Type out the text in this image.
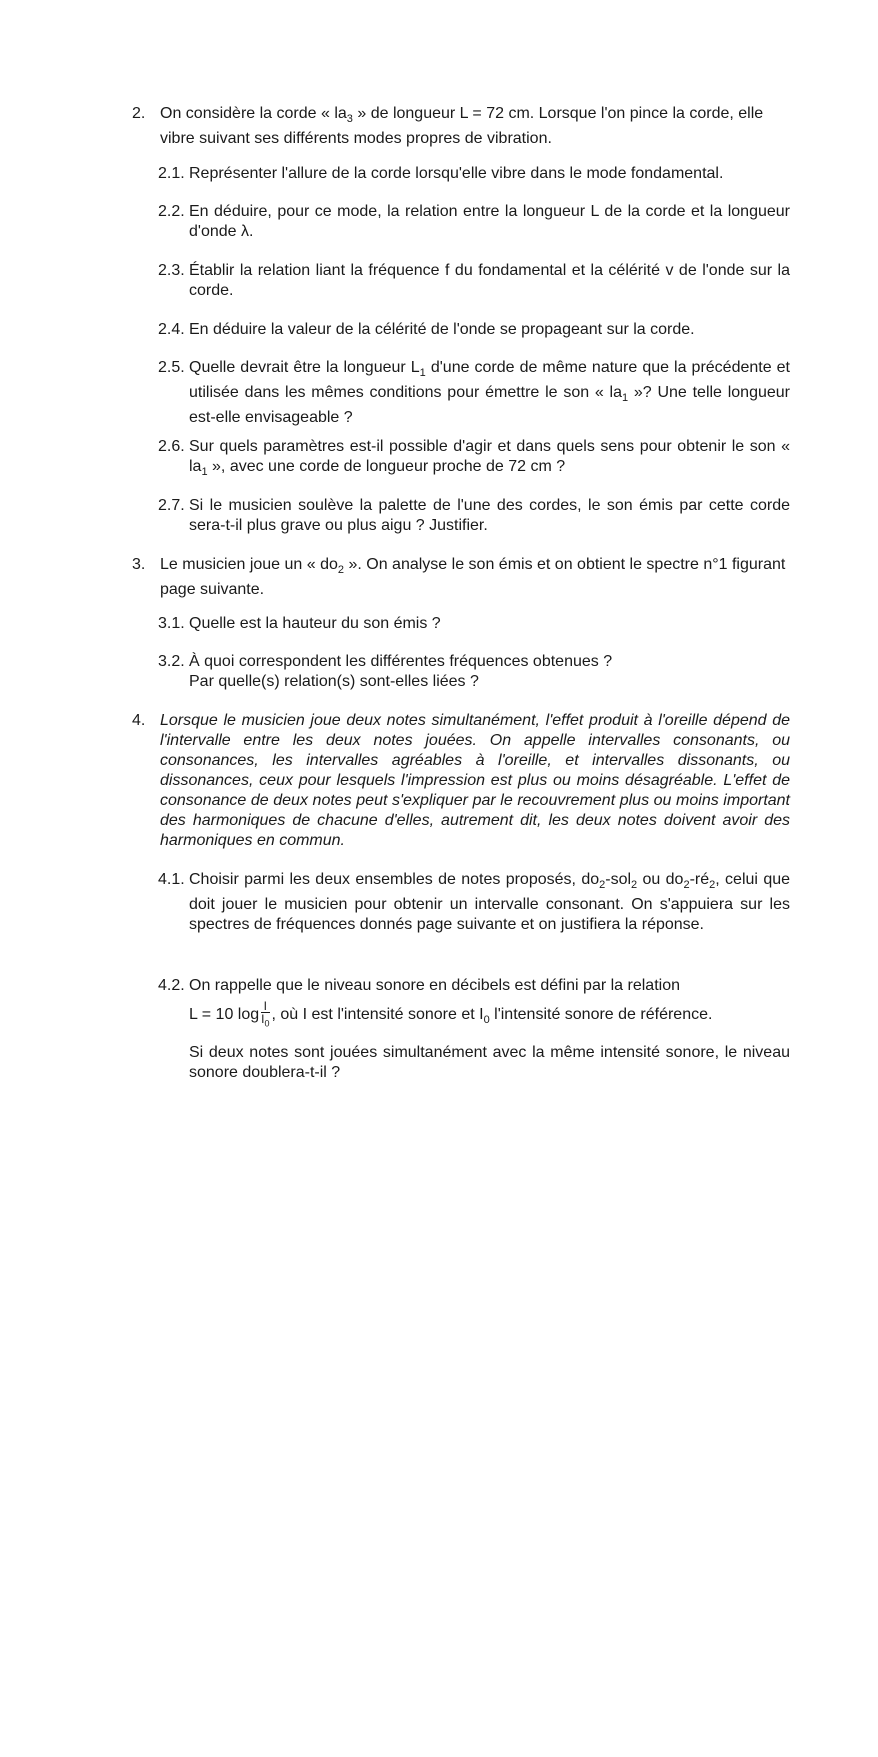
2. On considère la corde « $la_3$ » de longueur L = 72 cm. Lorsque l'on pince la corde, elle vibre suivant ses différents modes propres de vibration.
2.1. Représenter l'allure de la corde lorsqu'elle vibre dans le mode fondamental.
2.2. En déduire, pour ce mode, la relation entre la longueur L de la corde et la longueur d'onde λ.
2.3. Établir la relation liant la fréquence f du fondamental et la célérité v de l'onde sur la corde.
2.4. En déduire la valeur de la célérité de l'onde se propageant sur la corde.
2.5. Quelle devrait être la longueur $L_1$ d'une corde de même nature que la précédente et utilisée dans les mêmes conditions pour émettre le son « $la_1$ »? Une telle longueur est-elle envisageable ?
2.6. Sur quels paramètres est-il possible d'agir et dans quels sens pour obtenir le son « $la_1$ », avec une corde de longueur proche de 72 cm ?
2.7. Si le musicien soulève la palette de l'une des cordes, le son émis par cette corde sera-t-il plus grave ou plus aigu ? Justifier.
3. Le musicien joue un « $do_2$ ». On analyse le son émis et on obtient le spectre n°1 figurant page suivante.
3.1. Quelle est la hauteur du son émis ?
3.2. À quoi correspondent les différentes fréquences obtenues ?
Par quelle(s) relation(s) sont-elles liées ?
4. Lorsque le musicien joue deux notes simultanément, l'effet produit à l'oreille dépend de l'intervalle entre les deux notes jouées. On appelle intervalles consonants, ou consonances, les intervalles agréables à l'oreille, et intervalles dissonants, ou dissonances, ceux pour lesquels l'impression est plus ou moins désagréable. L'effet de consonance de deux notes peut s'expliquer par le recouvrement plus ou moins important des harmoniques de chacune d'elles, autrement dit, les deux notes doivent avoir des harmoniques en commun.
4.1. Choisir parmi les deux ensembles de notes proposés, $do_2-sol_2$ ou $do_2-ré_2$, celui que doit jouer le musicien pour obtenir un intervalle consonant. On s'appuiera sur les spectres de fréquences donnés page suivante et on justifiera la réponse.
4.2. On rappelle que le niveau sonore en décibels est défini par la relation
L = 10 $\log \frac{I}{I_0}$ , où I est l'intensité sonore et $I_0$ l'intensité sonore de référence.
Si deux notes sont jouées simultanément avec la même intensité sonore, le niveau sonore doublera-t-il ?
